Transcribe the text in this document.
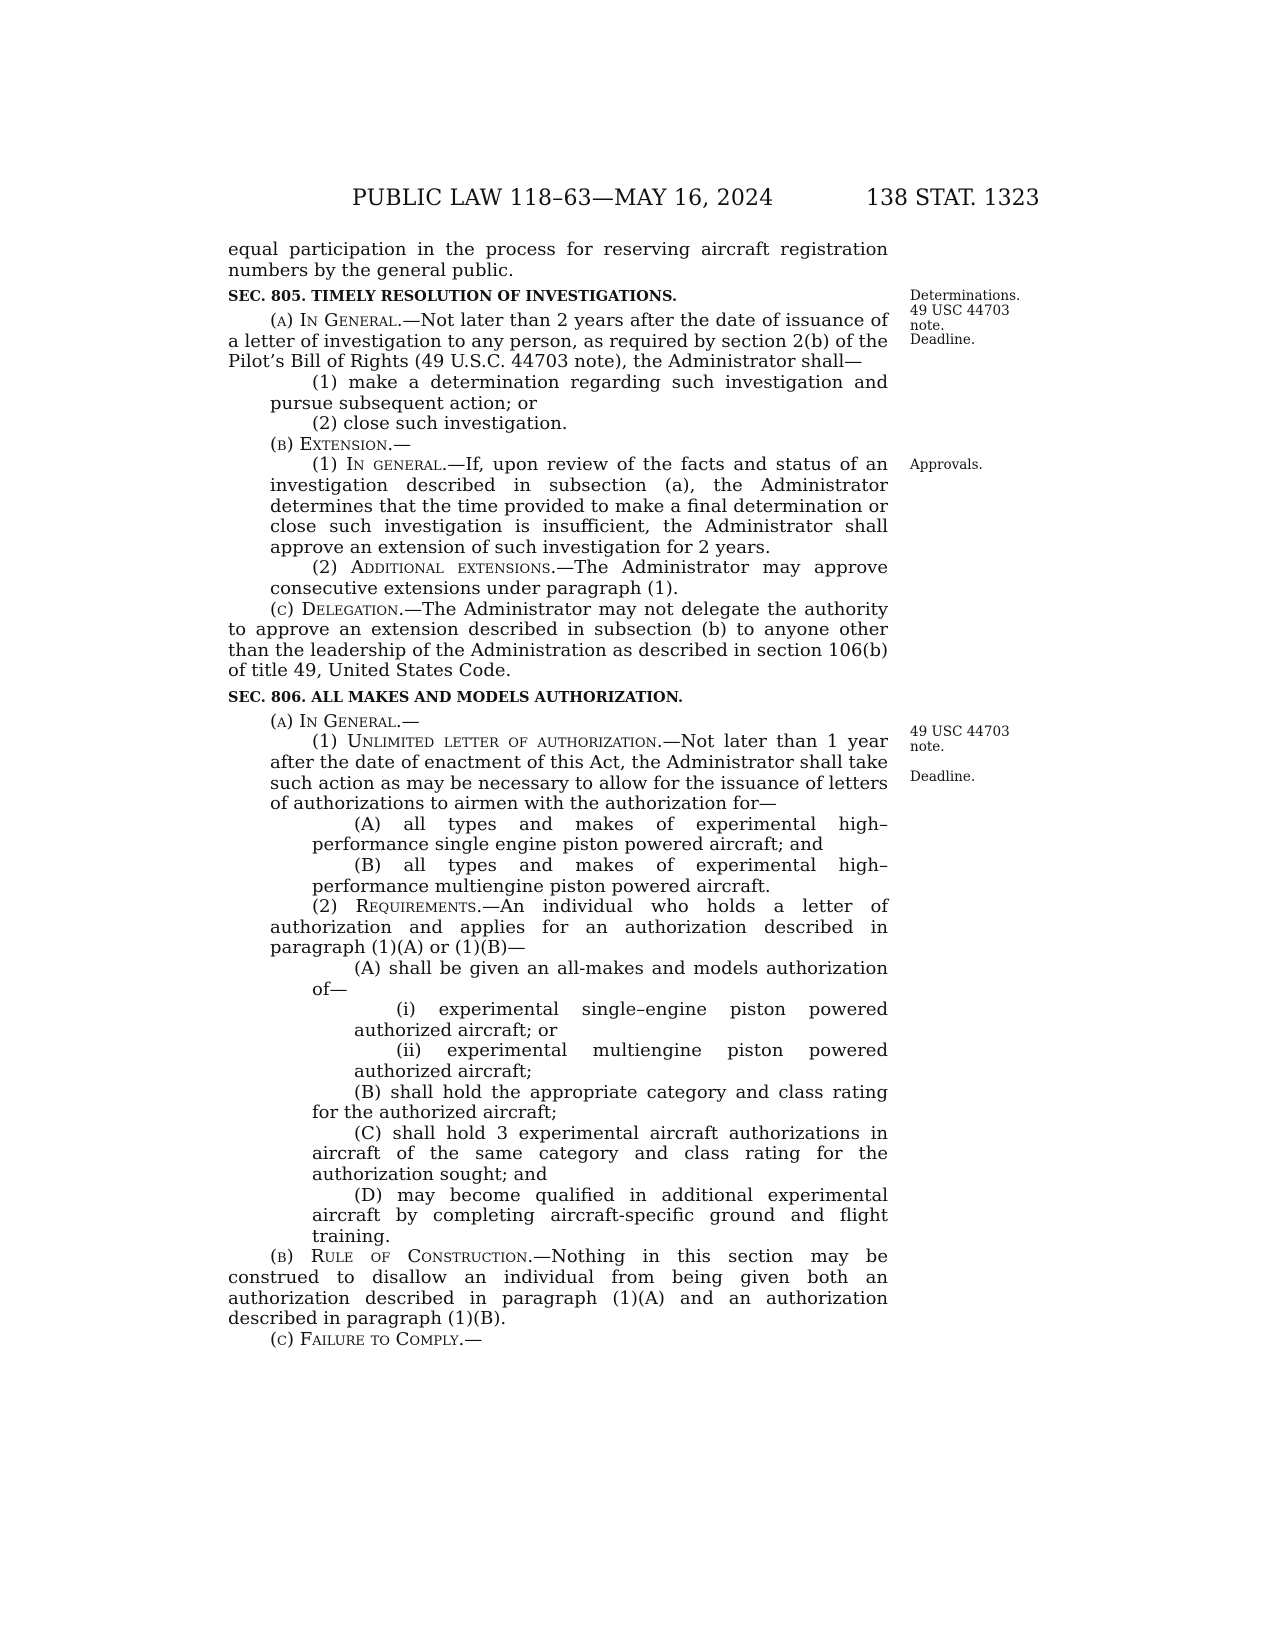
PUBLIC LAW 118–63—MAY 16, 2024	138 STAT. 1323

equal participation in the process for reserving aircraft registration numbers by the general public.

SEC. 805. TIMELY RESOLUTION OF INVESTIGATIONS.

(a) In General.—Not later than 2 years after the date of issuance of a letter of investigation to any person, as required by section 2(b) of the Pilot’s Bill of Rights (49 U.S.C. 44703 note), the Administrator shall—

(1) make a determination regarding such investigation and pursue subsequent action; or

(2) close such investigation.

(b) Extension.—

(1) In general.—If, upon review of the facts and status of an investigation described in subsection (a), the Administrator determines that the time provided to make a final determination or close such investigation is insufficient, the Administrator shall approve an extension of such investigation for 2 years.

(2) Additional extensions.—The Administrator may approve consecutive extensions under paragraph (1).

(c) Delegation.—The Administrator may not delegate the authority to approve an extension described in subsection (b) to anyone other than the leadership of the Administration as described in section 106(b) of title 49, United States Code.

SEC. 806. ALL MAKES AND MODELS AUTHORIZATION.

(a) In General.—

(1) Unlimited letter of authorization.—Not later than 1 year after the date of enactment of this Act, the Administrator shall take such action as may be necessary to allow for the issuance of letters of authorizations to airmen with the authorization for—

(A) all types and makes of experimental high–performance single engine piston powered aircraft; and

(B) all types and makes of experimental high–performance multiengine piston powered aircraft.

(2) Requirements.—An individual who holds a letter of authorization and applies for an authorization described in paragraph (1)(A) or (1)(B)—

(A) shall be given an all-makes and models authorization of—

(i) experimental single–engine piston powered authorized aircraft; or

(ii) experimental multiengine piston powered authorized aircraft;

(B) shall hold the appropriate category and class rating for the authorized aircraft;

(C) shall hold 3 experimental aircraft authorizations in aircraft of the same category and class rating for the authorization sought; and

(D) may become qualified in additional experimental aircraft by completing aircraft-specific ground and flight training.

(b) Rule of Construction.—Nothing in this section may be construed to disallow an individual from being given both an authorization described in paragraph (1)(A) and an authorization described in paragraph (1)(B).

(c) Failure to Comply.—

Determinations.
49 USC 44703
note.
Deadline.
Approvals.
49 USC 44703
note.
Deadline.
